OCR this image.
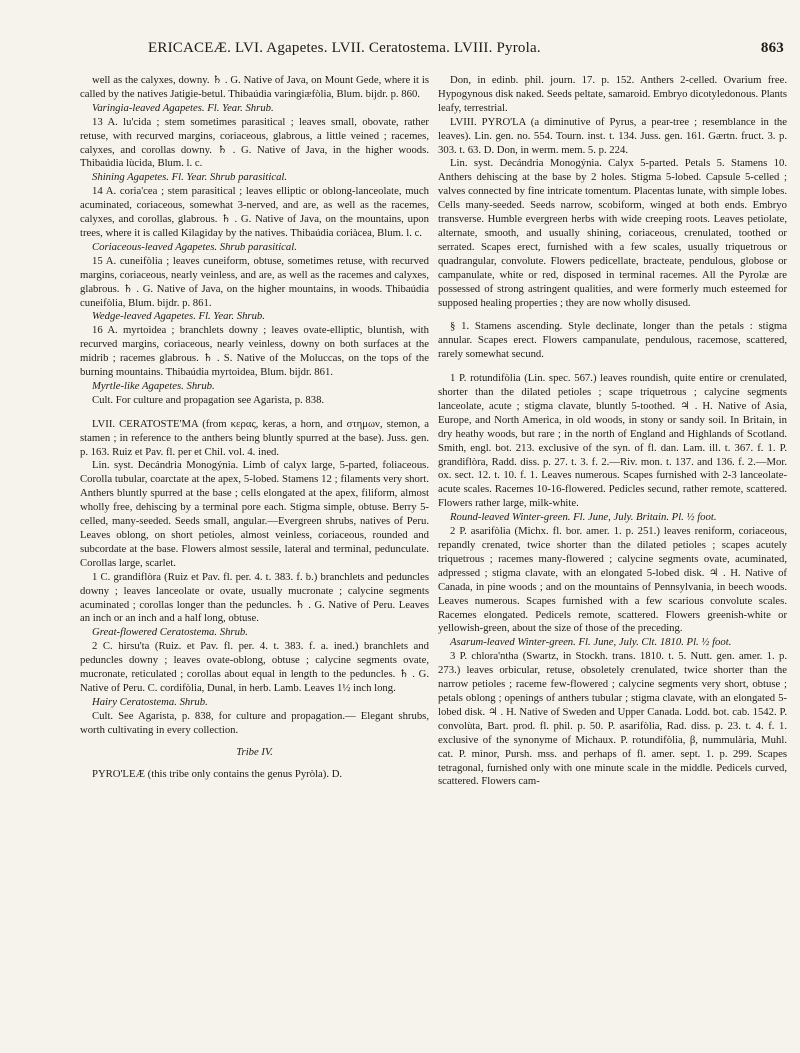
ERICACEÆ. LVI. Agapetes. LVII. Ceratostema. LVIII. Pyrola.	863

well as the calyxes, downy. ♄ . G. Native of Java, on Mount Gede, where it is called by the natives Jatigie-betul. Thibaúdia varingiæfòlia, Blum. bijdr. p. 860.

Varingia-leaved Agapetes. Fl. Year. Shrub.

13 A. lu'cida ; stem sometimes parasitical ; leaves small, obovate, rather retuse, with recurved margins, coriaceous, glabrous, a little veined ; racemes, calyxes, and corollas downy. ♄ . G. Native of Java, in the higher woods. Thibaúdia lùcida, Blum. l. c.

Shining Agapetes. Fl. Year. Shrub parasitical.

14 A. coria'cea ; stem parasitical ; leaves elliptic or oblong-lanceolate, much acuminated, coriaceous, somewhat 3-nerved, and are, as well as the racemes, calyxes, and corollas, glabrous. ♄ . G. Native of Java, on the mountains, upon trees, where it is called Kilagiday by the natives. Thibaúdia coriàcea, Blum. l. c.

Coriaceous-leaved Agapetes. Shrub parasitical.

15 A. cuneifòlia ; leaves cuneiform, obtuse, sometimes retuse, with recurved margins, coriaceous, nearly veinless, and are, as well as the racemes and calyxes, glabrous. ♄ . G. Native of Java, on the higher mountains, in woods. Thibaúdia cuneifòlia, Blum. bijdr. p. 861.

Wedge-leaved Agapetes. Fl. Year. Shrub.

16 A. myrtoìdea ; branchlets downy ; leaves ovate-elliptic, bluntish, with recurved margins, coriaceous, nearly veinless, downy on both surfaces at the midrib ; racemes glabrous. ♄ . S. Native of the Moluccas, on the tops of the burning mountains. Thibaúdia myrtoìdea, Blum. bijdr. 861.

Myrtle-like Agapetes. Shrub.

Cult. For culture and propagation see Agarista, p. 838.

LVII. CERATOSTE'MA (from κερας, keras, a horn, and στημων, stemon, a stamen ; in reference to the anthers being bluntly spurred at the base). Juss. gen. p. 163. Ruiz et Pav. fl. per et Chil. vol. 4. ined.

Lin. syst. Decándria Monogýnia. Limb of calyx large, 5-parted, foliaceous. Corolla tubular, coarctate at the apex, 5-lobed. Stamens 12 ; filaments very short. Anthers bluntly spurred at the base ; cells elongated at the apex, filiform, almost wholly free, dehiscing by a terminal pore each. Stigma simple, obtuse. Berry 5-celled, many-seeded. Seeds small, angular.—Evergreen shrubs, natives of Peru. Leaves oblong, on short petioles, almost veinless, coriaceous, rounded and subcordate at the base. Flowers almost sessile, lateral and terminal, pedunculate. Corollas large, scarlet.

1 C. grandiflòra (Ruiz et Pav. fl. per. 4. t. 383. f. b.) branchlets and peduncles downy ; leaves lanceolate or ovate, usually mucronate ; calycine segments acuminated ; corollas longer than the peduncles. ♄ . G. Native of Peru. Leaves an inch or an inch and a half long, obtuse.

Great-flowered Ceratostema. Shrub.

2 C. hirsu'ta (Ruiz. et Pav. fl. per. 4. t. 383. f. a. ined.) branchlets and peduncles downy ; leaves ovate-oblong, obtuse ; calycine segments ovate, mucronate, reticulated ; corollas about equal in length to the peduncles. ♄ . G. Native of Peru. C. cordifòlia, Dunal, in herb. Lamb. Leaves 1½ inch long.

Hairy Ceratostema. Shrub.

Cult. See Agarista, p. 838, for culture and propagation.— Elegant shrubs, worth cultivating in every collection.

Tribe IV.

PYRO'LEÆ (this tribe only contains the genus Pyròla). D.

Don, in edinb. phil. journ. 17. p. 152. Anthers 2-celled. Ovarium free. Hypogynous disk naked. Seeds peltate, samaroid. Embryo dicotyledonous. Plants leafy, terrestrial.

LVIII. PYRO'LA (a diminutive of Pyrus, a pear-tree ; resemblance in the leaves). Lin. gen. no. 554. Tourn. inst. t. 134. Juss. gen. 161. Gærtn. fruct. 3. p. 303. t. 63. D. Don, in werm. mem. 5. p. 224.

Lin. syst. Decándria Monogýnia. Calyx 5-parted. Petals 5. Stamens 10. Anthers dehiscing at the base by 2 holes. Stigma 5-lobed. Capsule 5-celled ; valves connected by fine intricate tomentum. Placentas lunate, with simple lobes. Cells many-seeded. Seeds narrow, scobiform, winged at both ends. Embryo transverse. Humble evergreen herbs with wide creeping roots. Leaves petiolate, alternate, smooth, and usually shining, coriaceous, crenulated, toothed or serrated. Scapes erect, furnished with a few scales, usually triquetrous or quadrangular, convolute. Flowers pedicellate, bracteate, pendulous, globose or campanulate, white or red, disposed in terminal racemes. All the Pyrolæ are possessed of strong astringent qualities, and were formerly much esteemed for supposed healing properties ; they are now wholly disused.

§ 1. Stamens ascending. Style declinate, longer than the petals : stigma annular. Scapes erect. Flowers campanulate, pendulous, racemose, scattered, rarely somewhat secund.

1 P. rotundifòlia (Lin. spec. 567.) leaves roundish, quite entire or crenulated, shorter than the dilated petioles ; scape triquetrous ; calycine segments lanceolate, acute ; stigma clavate, bluntly 5-toothed. ♃ . H. Native of Asia, Europe, and North America, in old woods, in stony or sandy soil. In Britain, in dry heathy woods, but rare ; in the north of England and Highlands of Scotland. Smith, engl. bot. 213. exclusive of the syn. of fl. dan. Lam. ill. t. 367. f. 1. P. grandiflòra, Radd. diss. p. 27. t. 3. f. 2.—Riv. mon. t. 137. and 136. f. 2.—Mor. ox. sect. 12. t. 10. f. 1. Leaves numerous. Scapes furnished with 2-3 lanceolate-acute scales. Racemes 10-16-flowered. Pedicles secund, rather remote, scattered. Flowers rather large, milk-white.

Round-leaved Winter-green. Fl. June, July. Britain. Pl. ½ foot.

2 P. asarifòlia (Michx. fl. bor. amer. 1. p. 251.) leaves reniform, coriaceous, repandly crenated, twice shorter than the dilated petioles ; scapes acutely triquetrous ; racemes many-flowered ; calycine segments ovate, acuminated, adpressed ; stigma clavate, with an elongated 5-lobed disk. ♃ . H. Native of Canada, in pine woods ; and on the mountains of Pennsylvania, in beech woods. Leaves numerous. Scapes furnished with a few scarious convolute scales. Racemes elongated. Pedicels remote, scattered. Flowers greenish-white or yellowish-green, about the size of those of the preceding.

Asarum-leaved Winter-green. Fl. June, July. Clt. 1810. Pl. ½ foot.

3 P. chlora'ntha (Swartz, in Stockh. trans. 1810. t. 5. Nutt. gen. amer. 1. p. 273.) leaves orbicular, retuse, obsoletely crenulated, twice shorter than the narrow petioles ; raceme few-flowered ; calycine segments very short, obtuse ; petals oblong ; openings of anthers tubular ; stigma clavate, with an elongated 5-lobed disk. ♃ . H. Native of Sweden and Upper Canada. Lodd. bot. cab. 1542. P. convolùta, Bart. prod. fl. phil. p. 50. P. asarifòlia, Rad. diss. p. 23. t. 4. f. 1. exclusive of the synonyme of Michaux. P. rotundifòlia, β, nummulària, Muhl. cat. P. mìnor, Pursh. mss. and perhaps of fl. amer. sept. 1. p. 299. Scapes tetragonal, furnished only with one minute scale in the middle. Pedicels curved, scattered. Flowers cam-
